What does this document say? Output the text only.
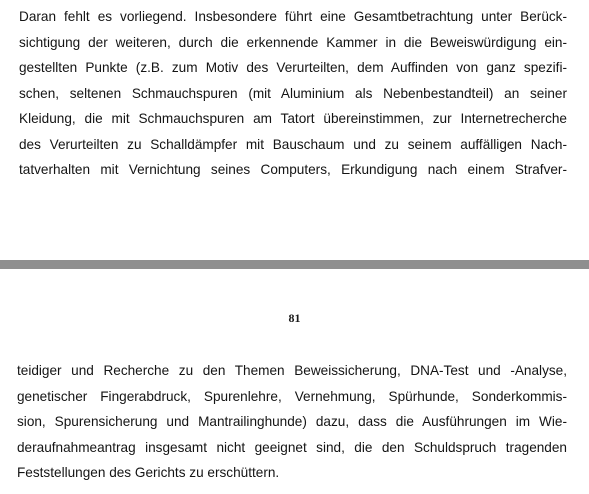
Daran fehlt es vorliegend. Insbesondere führt eine Gesamtbetrachtung unter Berück-
sichtigung der weiteren, durch die erkennende Kammer in die Beweiswürdigung ein-
gestellten Punkte (z.B. zum Motiv des Verurteilten, dem Auffinden von ganz spezifi-
schen, seltenen Schmauchspuren (mit Aluminium als Nebenbestandteil) an seiner
Kleidung, die mit Schmauchspuren am Tatort übereinstimmen, zur Internetrecherche
des Verurteilten zu Schalldämpfer mit Bauschaum und zu seinem auffälligen Nach-
tatverhalten mit Vernichtung seines Computers, Erkundigung nach einem Strafver-
81
teidiger und Recherche zu den Themen Beweissicherung, DNA-Test und -Analyse,
genetischer Fingerabdruck, Spurenlehre, Vernehmung, Spürhunde, Sonderkommis-
sion, Spurensicherung und Mantrailinghunde) dazu, dass die Ausführungen im Wie-
deraufnahmeantrag insgesamt nicht geeignet sind, die den Schuldspruch tragenden
Feststellungen des Gerichts zu erschüttern.
